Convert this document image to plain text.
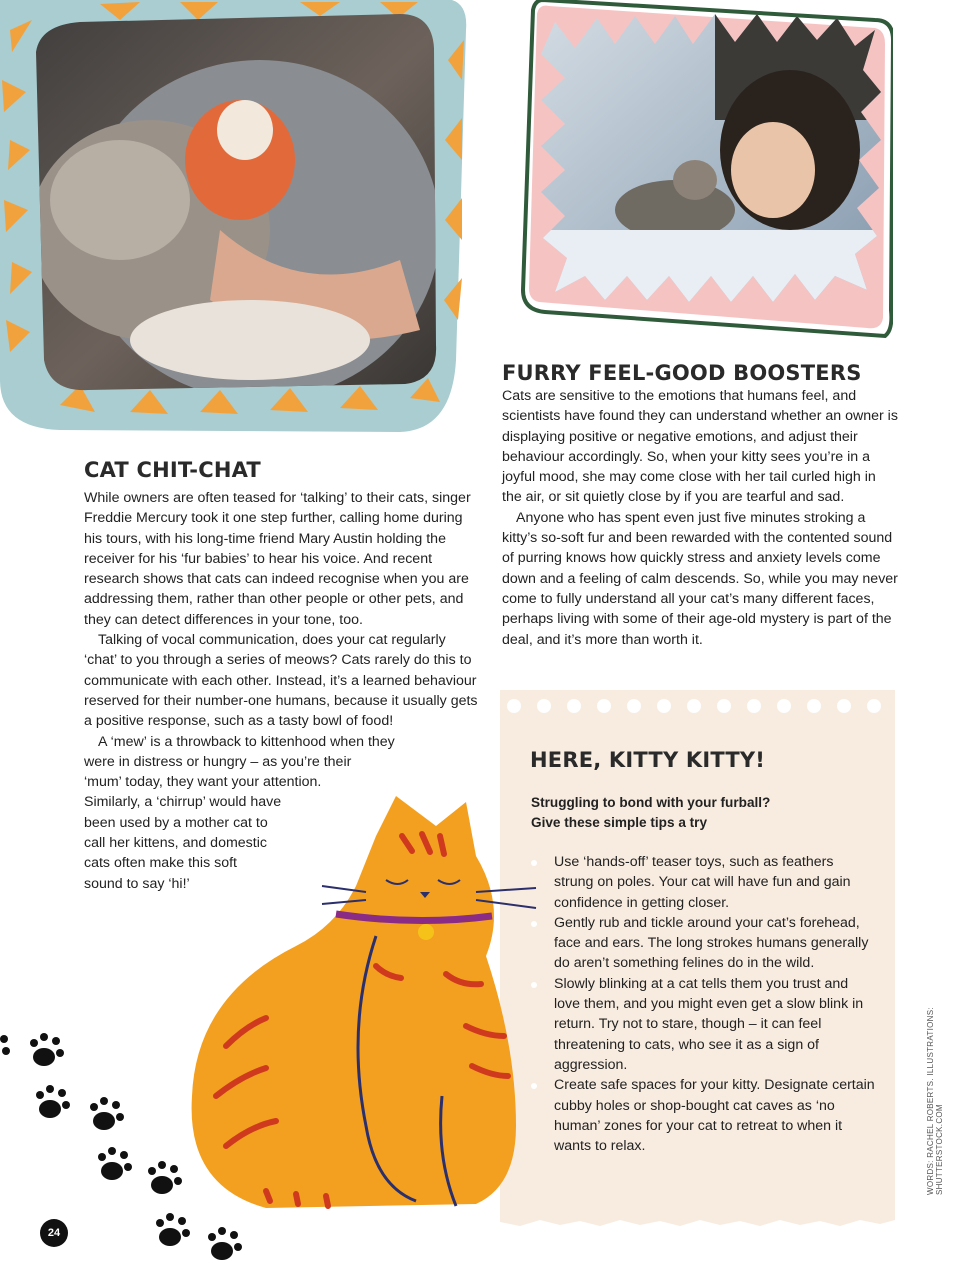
CAT CHIT-CHAT

While owners are often teased for ‘talking’ to their cats, singer Freddie Mercury took it one step further, calling home during his tours, with his long-time friend Mary Austin holding the receiver for his ‘fur babies’ to hear his voice. And recent research shows that cats can indeed recognise when you are addressing them, rather than other people or other pets, and they can detect differences in your tone, too.

Talking of vocal communication, does your cat regularly ‘chat’ to you through a series of meows? Cats rarely do this to communicate with each other. Instead, it’s a learned behaviour reserved for their number-one humans, because it usually gets a positive response, such as a tasty bowl of food!

A ‘mew’ is a throwback to kittenhood when they

were in distress or hungry – as you’re their

‘mum’ today, they want your attention.

Similarly, a ‘chirrup’ would have

been used by a mother cat to

call her kittens, and domestic

cats often make this soft

sound to say ‘hi!’

FURRY FEEL-GOOD BOOSTERS

Cats are sensitive to the emotions that humans feel, and scientists have found they can understand whether an owner is displaying positive or negative emotions, and adjust their behaviour accordingly. So, when your kitty sees you’re in a joyful mood, she may come close with her tail curled high in the air, or sit quietly close by if you are tearful and sad.

Anyone who has spent even just five minutes stroking a kitty’s so-soft fur and been rewarded with the contented sound of purring knows how quickly stress and anxiety levels come down and a feeling of calm descends. So, while you may never come to fully understand all your cat’s many different faces, perhaps living with some of their age-old mystery is part of the deal, and it’s more than worth it.

HERE, KITTY KITTY!
Struggling to bond with your furball?
Give these simple tips a try
Use ‘hands-off’ teaser toys, such as feathers strung on poles. Your cat will have fun and gain confidence in getting closer.
Gently rub and tickle around your cat’s forehead, face and ears. The long strokes humans generally do aren’t something felines do in the wild.
Slowly blinking at a cat tells them you trust and love them, and you might even get a slow blink in return. Try not to stare, though – it can feel threatening to cats, who see it as a sign of aggression.
Create safe spaces for your kitty. Designate certain cubby holes or shop-bought cat caves as ‘no human’ zones for your cat to retreat to when it wants to relax.
24
WORDS: RACHEL ROBERTS. ILLUSTRATIONS: SHUTTERSTOCK.COM
